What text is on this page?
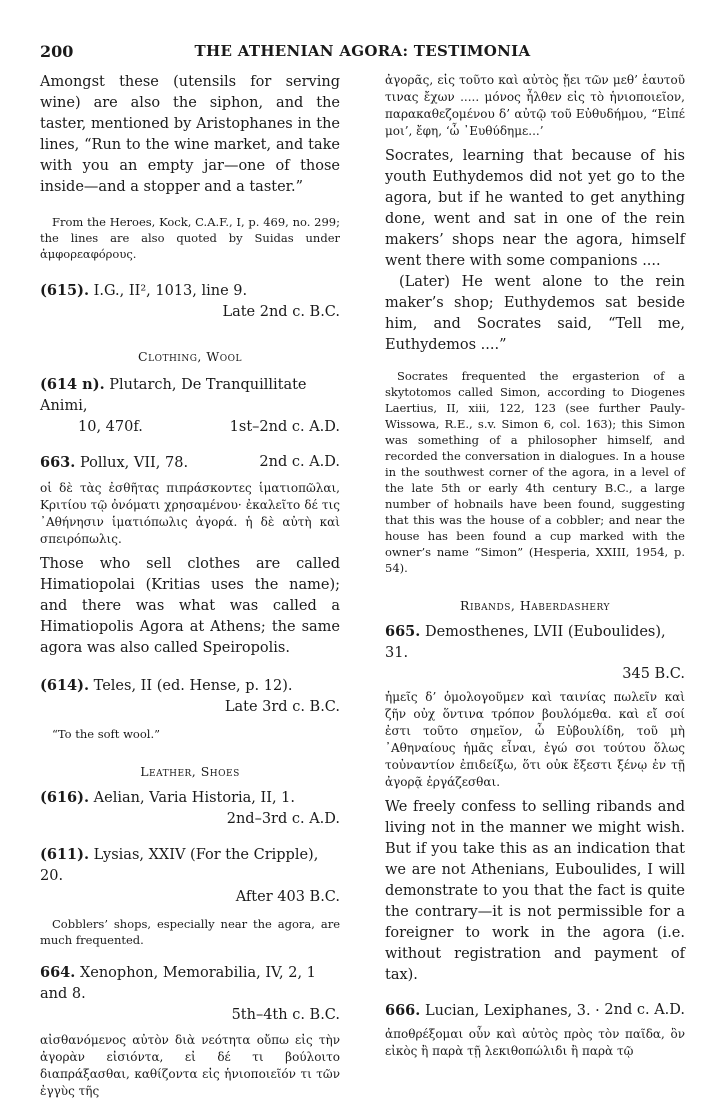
200	THE ATHENIAN AGORA: TESTIMONIA

Amongst these (utensils for serving wine) are also the siphon, and the taster, mentioned by Aristophanes in the lines, “Run to the wine market, and take with you an empty jar—one of those inside—and a stopper and a taster.”

From the Heroes, Kock, C.A.F., I, p. 469, no. 299; the lines are also quoted by Suidas under ἀμφορεαφόρους.

(615). I.G., II², 1013, line 9.
Late 2nd c. B.C.

Clothing, Wool

(614 n). Plutarch, De Tranquillitate Animi,
10, 470f.	1st–2nd c. A.D.
663. Pollux, VII, 78.	2nd c. A.D.

οἱ δὲ τὰς ἐσθῆτας πιπράσκοντες ἱματιοπῶλαι, Κριτίου τῷ ὀνόματι χρησαμένου· ἐκαλεῖτο δέ τις ᾿Αθήνησιν ἱματιόπωλις ἀγορά. ἡ δὲ αὐτὴ καὶ σπειρόπωλις.

Those who sell clothes are called Himatiopolai (Kritias uses the name); and there was what was called a Himatiopolis Agora at Athens; the same agora was also called Speiropolis.

(614). Teles, II (ed. Hense, p. 12).
Late 3rd c. B.C.

“To the soft wool.”

Leather, Shoes

(616). Aelian, Varia Historia, II, 1.
2nd–3rd c. A.D.
(611). Lysias, XXIV (For the Cripple), 20.
After 403 B.C.

Cobblers’ shops, especially near the agora, are much frequented.

664. Xenophon, Memorabilia, IV, 2, 1 and 8.
5th–4th c. B.C.

αἰσθανόμενος αὐτὸν διὰ νεότητα οὔπω εἰς τὴν ἀγορὰν εἰσιόντα, εἰ δέ τι βούλοιτο διαπράξασθαι, καθίζοντα εἰς ἡνιοποιεῖόν τι τῶν ἐγγὺς τῆς

ἀγορᾶς, εἰς τοῦτο καὶ αὐτὸς ᾔει τῶν μεθ’ ἑαυτοῦ τινας ἔχων ..... μόνος ἦλθεν εἰς τὸ ἡνιοποιεῖον, παρακαθεζομένου δ’ αὐτῷ τοῦ Εὐθυδήμου, “Εἰπέ μοι’, ἔφη, ‘ὦ ᾿Ευθύδημε...’

Socrates, learning that because of his youth Euthydemos did not yet go to the agora, but if he wanted to get anything done, went and sat in one of the rein makers’ shops near the agora, himself went there with some companions ....

(Later) He went alone to the rein maker’s shop; Euthydemos sat beside him, and Socrates said, “Tell me, Euthydemos ....”

Socrates frequented the ergasterion of a skytotomos called Simon, according to Diogenes Laertius, II, xiii, 122, 123 (see further Pauly-Wissowa, R.E., s.v. Simon 6, col. 163); this Simon was something of a philosopher himself, and recorded the conversation in dialogues. In a house in the southwest corner of the agora, in a level of the late 5th or early 4th century B.C., a large number of hobnails have been found, suggesting that this was the house of a cobbler; and near the house has been found a cup marked with the owner’s name “Simon” (Hesperia, XXIII, 1954, p. 54).

Ribands, Haberdashery

665. Demosthenes, LVII (Euboulides), 31.
345 B.C.

ἡμεῖς δ’ ὁμολογοῦμεν καὶ ταινίας πωλεῖν καὶ ζῆν οὐχ ὅντινα τρόπον βουλόμεθα. καὶ εἴ σοί ἐστι τοῦτο σημεῖον, ὦ Εὐβουλίδη, τοῦ μὴ ᾿Αθηναίους ἡμᾶς εἶναι, ἐγώ σοι τούτου ὅλως τοὐναντίον ἐπιδείξω, ὅτι οὐκ ἔξεστι ξένῳ ἐν τῇ ἀγορᾷ ἐργάζεσθαι.

We freely confess to selling ribands and living not in the manner we might wish. But if you take this as an indication that we are not Athenians, Euboulides, I will demonstrate to you that the fact is quite the contrary—it is not permissible for a foreigner to work in the agora (i.e. without registration and payment of tax).

666. Lucian, Lexiphanes, 3. · 2nd c. A.D.

ἀποθρέξομαι οὖν καὶ αὐτὸς πρὸς τὸν παῖδα, ὃν εἰκὸς ἢ παρὰ τῇ λεκιθοπώλιδι ἢ παρὰ τῷ
